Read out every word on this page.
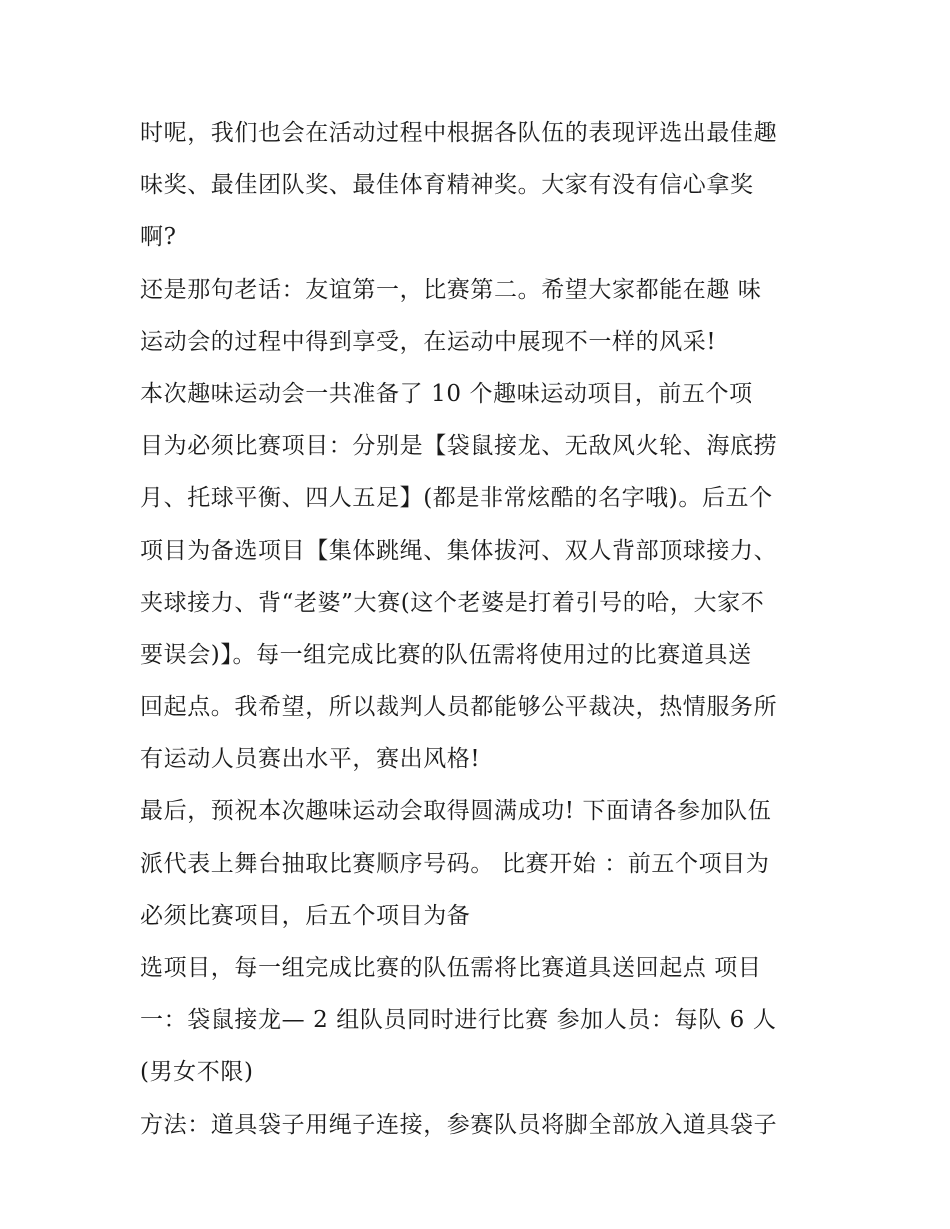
时呢，我们也会在活动过程中根据各队伍的表现评选出最佳趣
味奖、最佳团队奖、最佳体育精神奖。大家有没有信心拿奖
啊?
还是那句老话：友谊第一，比赛第二。希望大家都能在趣 味
运动会的过程中得到享受，在运动中展现不一样的风采!
本次趣味运动会一共准备了 10 个趣味运动项目，前五个项
目为必须比赛项目：分别是【袋鼠接龙、无敌风火轮、海底捞
月、托球平衡、四人五足】(都是非常炫酷的名字哦)。后五个
项目为备选项目【集体跳绳、集体拔河、双人背部顶球接力、
夹球接力、背“老婆”大赛(这个老婆是打着引号的哈，大家不
要误会)】。每一组完成比赛的队伍需将使用过的比赛道具送
回起点。我希望，所以裁判人员都能够公平裁决，热情服务所
有运动人员赛出水平，赛出风格!
最后，预祝本次趣味运动会取得圆满成功! 下面请各参加队伍
派代表上舞台抽取比赛顺序号码。 比赛开始 ：前五个项目为
必须比赛项目，后五个项目为备
选项目，每一组完成比赛的队伍需将比赛道具送回起点 项目
一：袋鼠接龙— 2 组队员同时进行比赛 参加人员：每队 6 人
(男女不限)
方法：道具袋子用绳子连接，参赛队员将脚全部放入道具袋子
